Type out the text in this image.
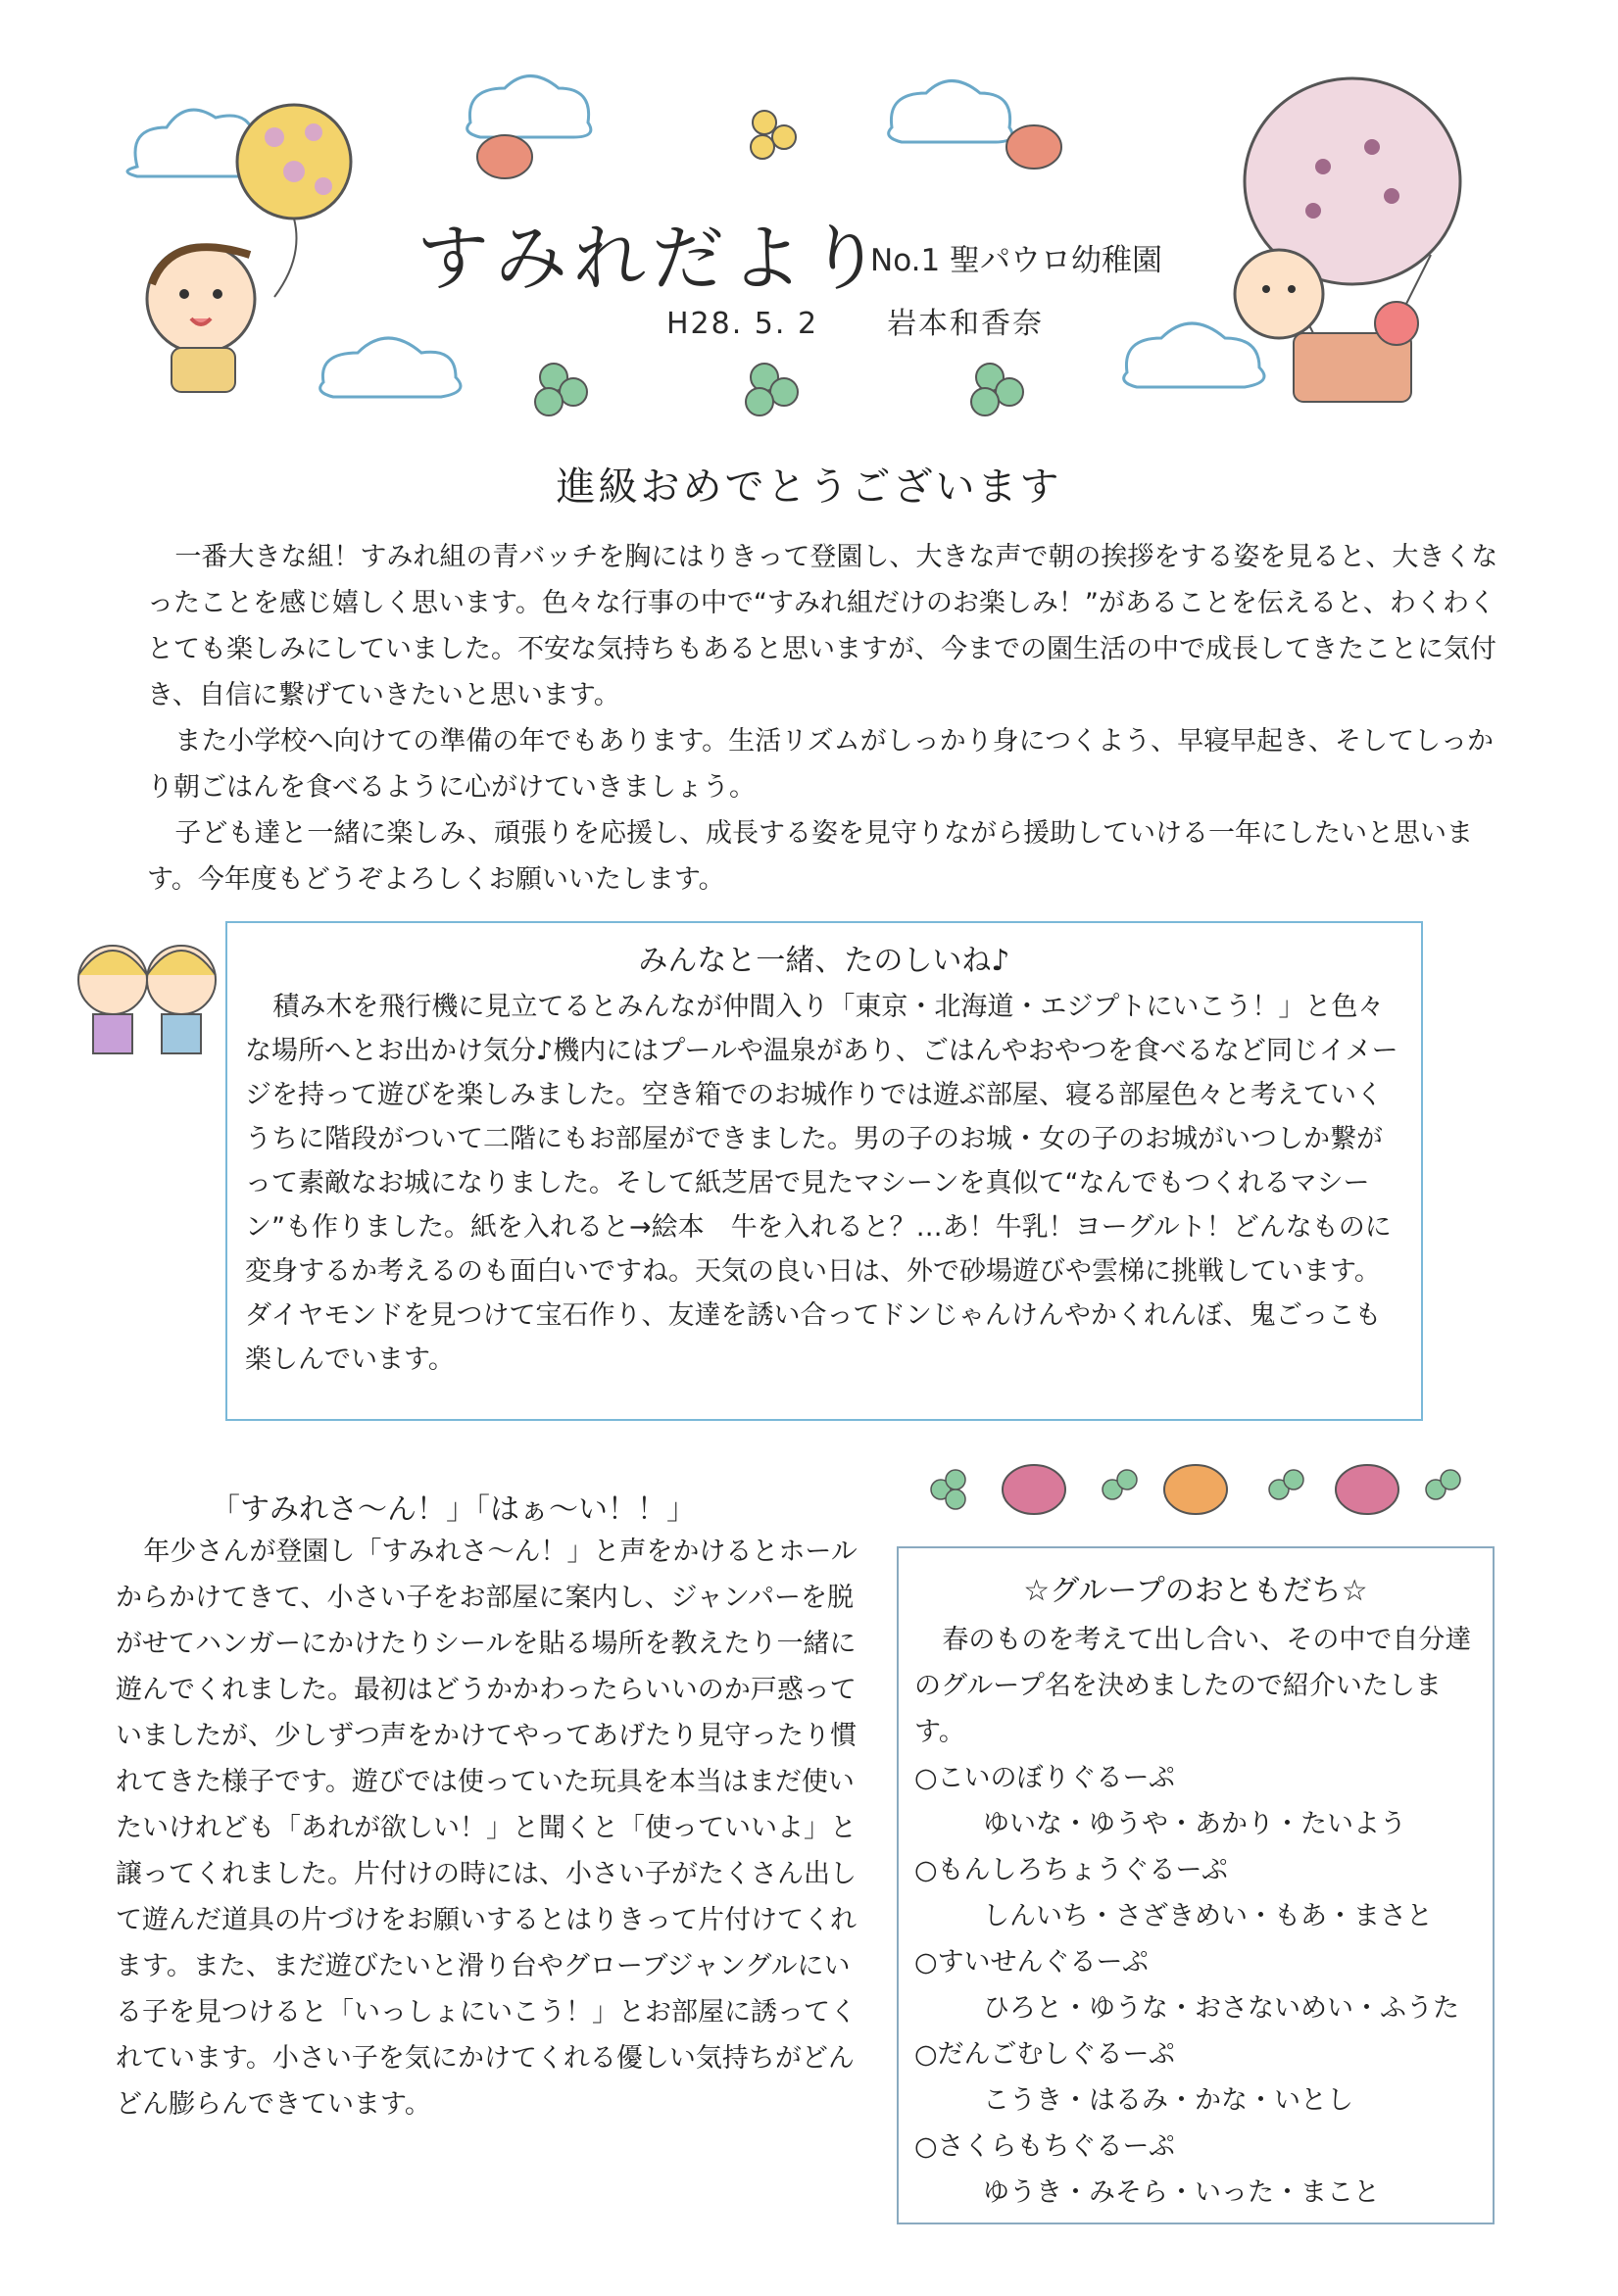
すみれだより
No.1 聖パウロ幼稚園
H28. 5. 2 岩本和香奈
進級おめでとうございます

一番大きな組！すみれ組の青バッチを胸にはりきって登園し、大きな声で朝の挨拶をする姿を見ると、大きくなったことを感じ嬉しく思います。色々な行事の中で“すみれ組だけのお楽しみ！”があることを伝えると、わくわくとても楽しみにしていました。不安な気持ちもあると思いますが、今までの園生活の中で成長してきたことに気付き、自信に繋げていきたいと思います。

また小学校へ向けての準備の年でもあります。生活リズムがしっかり身につくよう、早寝早起き、そしてしっかり朝ごはんを食べるように心がけていきましょう。

子ども達と一緒に楽しみ、頑張りを応援し、成長する姿を見守りながら援助していける一年にしたいと思います。今年度もどうぞよろしくお願いいたします。

みんなと一緒、たのしいね♪

積み木を飛行機に見立てるとみんなが仲間入り「東京・北海道・エジプトにいこう！」と色々な場所へとお出かけ気分♪機内にはプールや温泉があり、ごはんやおやつを食べるなど同じイメージを持って遊びを楽しみました。空き箱でのお城作りでは遊ぶ部屋、寝る部屋色々と考えていくうちに階段がついて二階にもお部屋ができました。男の子のお城・女の子のお城がいつしか繋がって素敵なお城になりました。そして紙芝居で見たマシーンを真似て“なんでもつくれるマシーン”も作りました。紙を入れると→絵本　牛を入れると？…あ！牛乳！ヨーグルト！どんなものに変身するか考えるのも面白いですね。天気の良い日は、外で砂場遊びや雲梯に挑戦しています。ダイヤモンドを見つけて宝石作り、友達を誘い合ってドンじゃんけんやかくれんぼ、鬼ごっこも楽しんでいます。

「すみれさ〜ん！」「はぁ〜い！！」

年少さんが登園し「すみれさ〜ん！」と声をかけるとホールからかけてきて、小さい子をお部屋に案内し、ジャンパーを脱がせてハンガーにかけたりシールを貼る場所を教えたり一緒に遊んでくれました。最初はどうかかわったらいいのか戸惑っていましたが、少しずつ声をかけてやってあげたり見守ったり慣れてきた様子です。遊びでは使っていた玩具を本当はまだ使いたいけれども「あれが欲しい！」と聞くと「使っていいよ」と譲ってくれました。片付けの時には、小さい子がたくさん出して遊んだ道具の片づけをお願いするとはりきって片付けてくれます。また、まだ遊びたいと滑り台やグローブジャングルにいる子を見つけると「いっしょにいこう！」とお部屋に誘ってくれています。小さい子を気にかけてくれる優しい気持ちがどんどん膨らんできています。

☆グループのおともだち☆

春のものを考えて出し合い、その中で自分達のグループ名を決めましたので紹介いたします。

○こいのぼりぐるーぷ
ゆいな・ゆうや・あかり・たいよう
○もんしろちょうぐるーぷ
しんいち・さざきめい・もあ・まさと
○すいせんぐるーぷ
ひろと・ゆうな・おさないめい・ふうた
○だんごむしぐるーぷ
こうき・はるみ・かな・いとし
○さくらもちぐるーぷ
ゆうき・みそら・いった・まこと
